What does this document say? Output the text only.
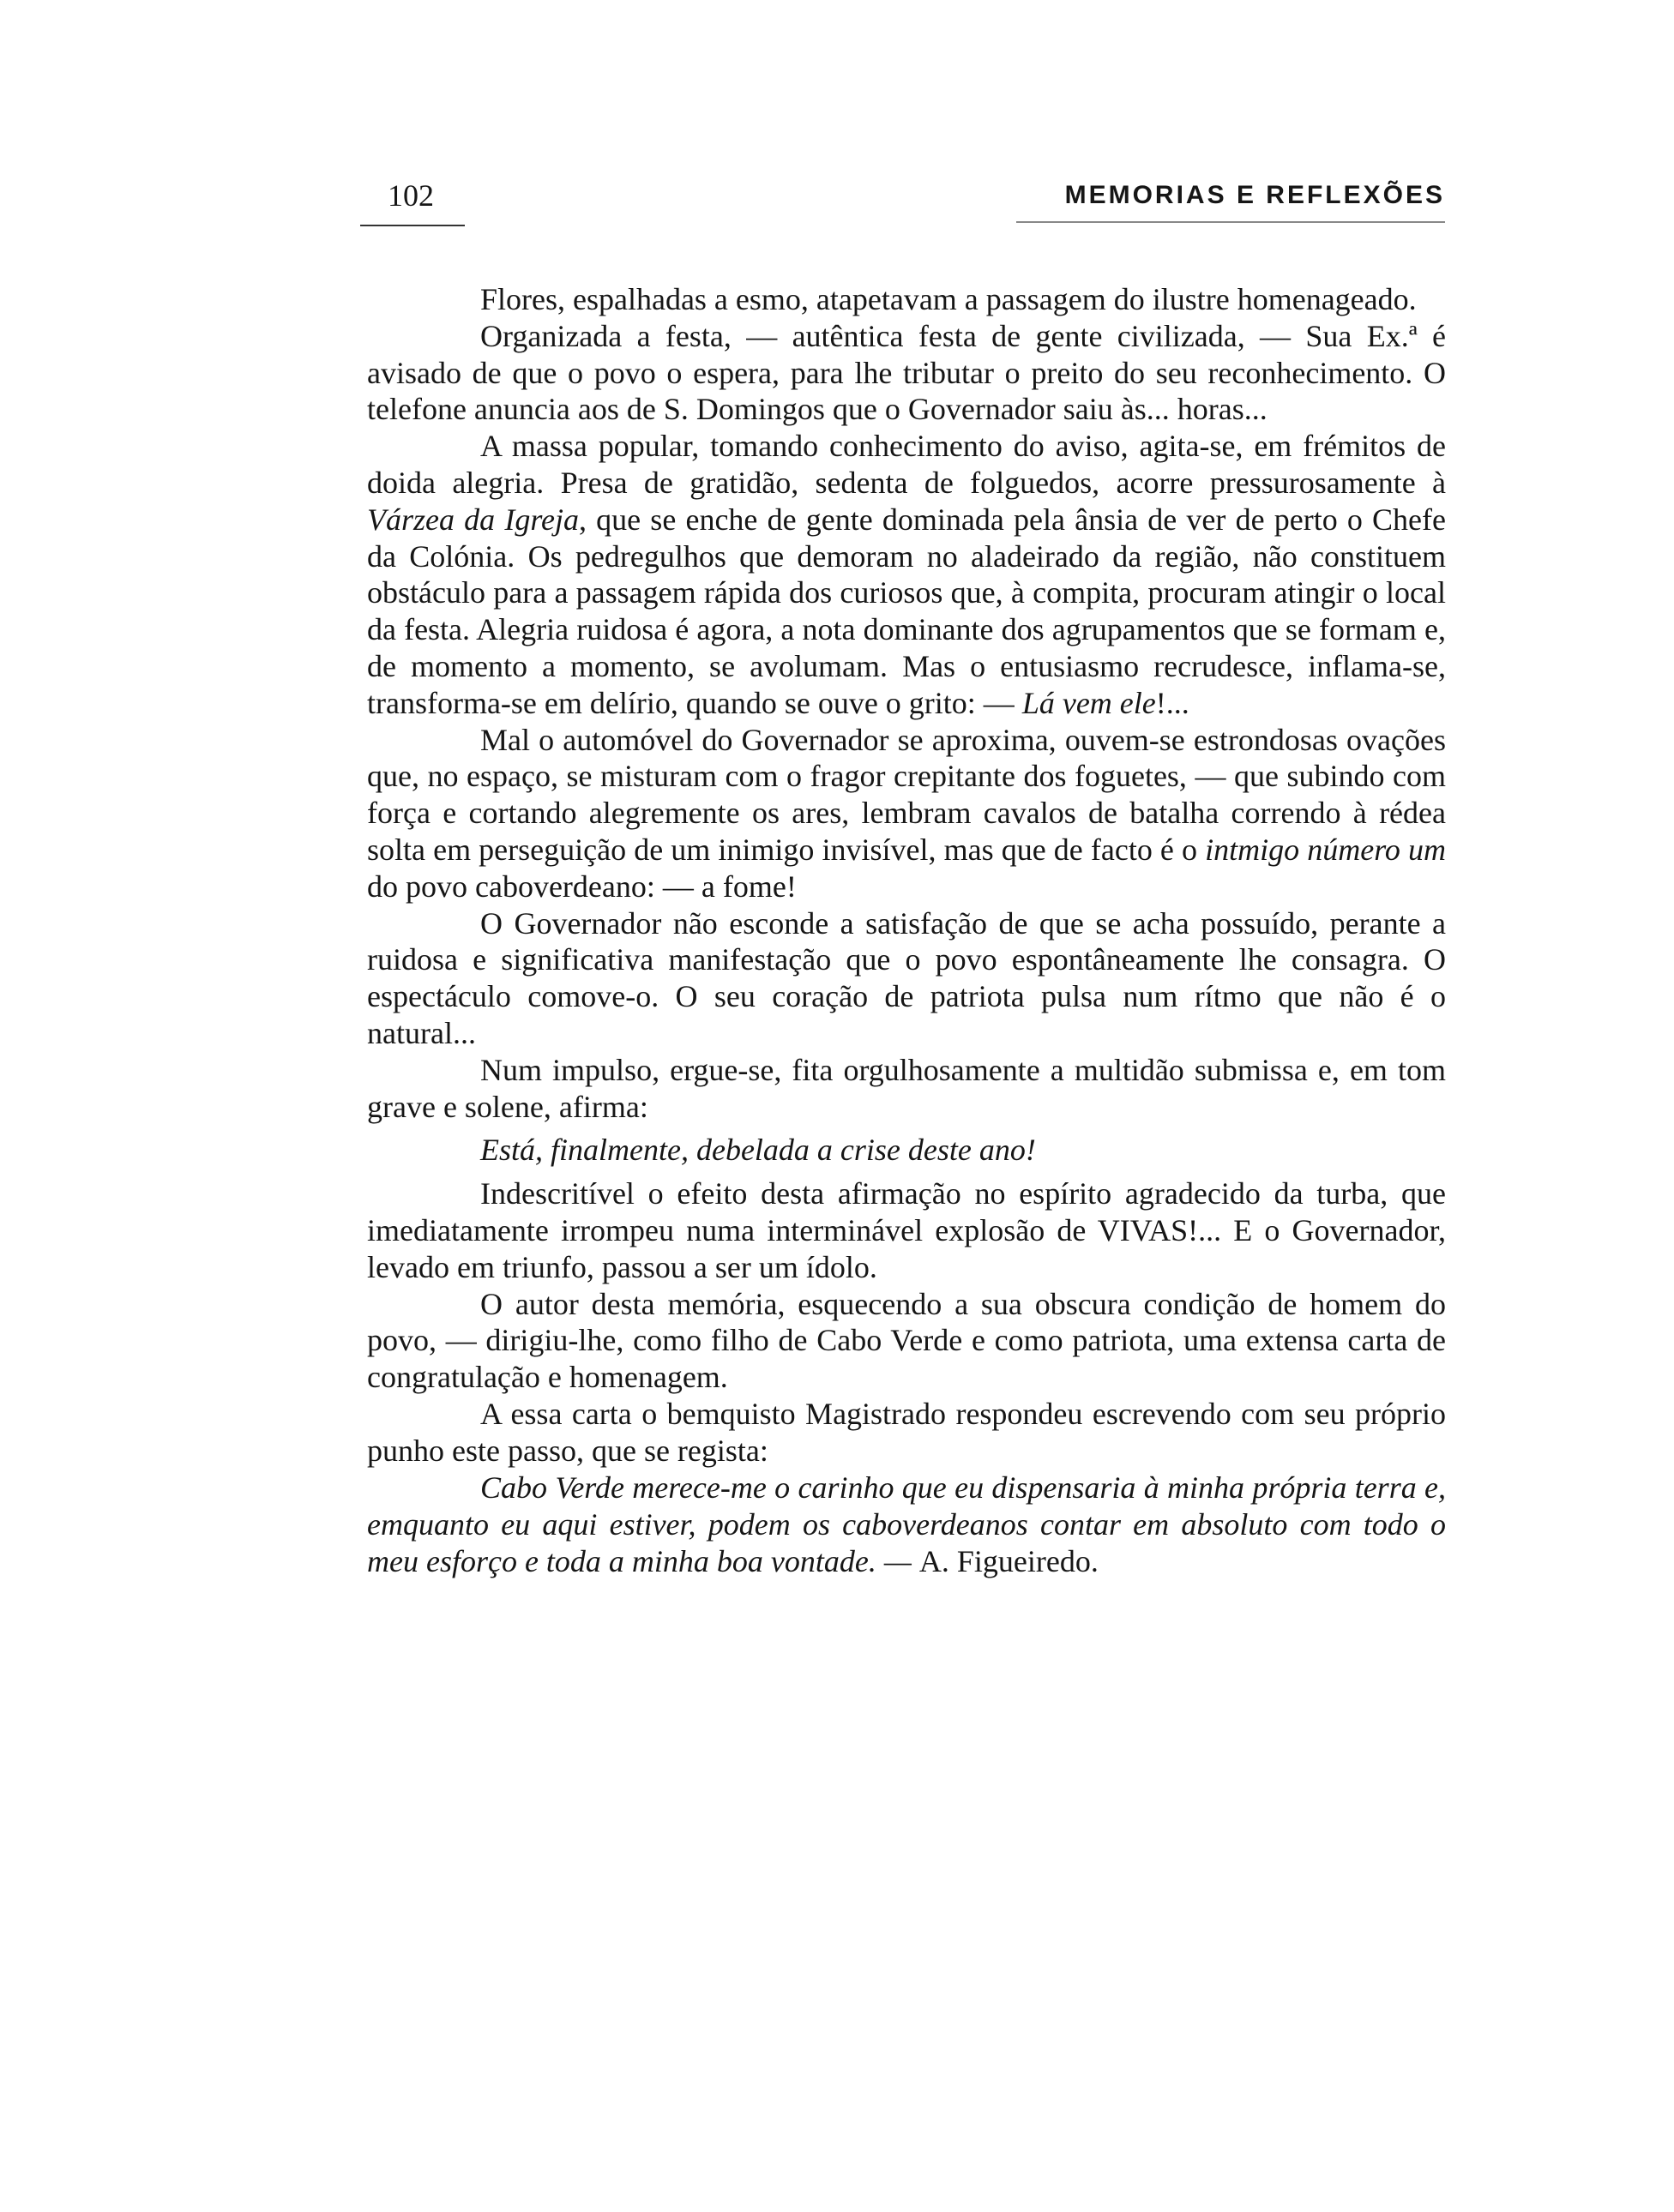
102	MEMORIAS E REFLEXÕES

Flores, espalhadas a esmo, atapetavam a passagem do ilustre homenageado.

Organizada a festa, — autêntica festa de gente civilizada, — Sua Ex.ª é avisado de que o povo o espera, para lhe tributar o preito do seu reconhecimento. O telefone anuncia aos de S. Domingos que o Governador saiu às... horas...

A massa popular, tomando conhecimento do aviso, agita-se, em frémitos de doida alegria. Presa de gratidão, sedenta de folguedos, acorre pressurosamente à Várzea da Igreja, que se enche de gente dominada pela ânsia de ver de perto o Chefe da Colónia. Os pedregulhos que demoram no aladeirado da região, não constituem obstáculo para a passagem rápida dos curiosos que, à compita, procuram atingir o local da festa. Alegria ruidosa é agora, a nota dominante dos agrupamentos que se formam e, de momento a momento, se avolumam. Mas o entusiasmo recrudesce, inflama-se, transforma-se em delírio, quando se ouve o grito: — Lá vem ele!...

Mal o automóvel do Governador se aproxima, ouvem-se estrondosas ovações que, no espaço, se misturam com o fragor crepitante dos foguetes, — que subindo com força e cortando alegremente os ares, lembram cavalos de batalha correndo à rédea solta em perseguição de um inimigo invisível, mas que de facto é o intmigo número um do povo caboverdeano: — a fome!

O Governador não esconde a satisfação de que se acha possuído, perante a ruidosa e significativa manifestação que o povo espontâneamente lhe consagra. O espectáculo comove-o. O seu coração de patriota pulsa num rítmo que não é o natural...

Num impulso, ergue-se, fita orgulhosamente a multidão submissa e, em tom grave e solene, afirma:

Está, finalmente, debelada a crise deste ano!

Indescritível o efeito desta afirmação no espírito agradecido da turba, que imediatamente irrompeu numa interminável explosão de VIVAS!... E o Governador, levado em triunfo, passou a ser um ídolo.

O autor desta memória, esquecendo a sua obscura condição de homem do povo, — dirigiu-lhe, como filho de Cabo Verde e como patriota, uma extensa carta de congratulação e homenagem.

A essa carta o bemquisto Magistrado respondeu escrevendo com seu próprio punho este passo, que se regista:

Cabo Verde merece-me o carinho que eu dispensaria à minha própria terra e, emquanto eu aqui estiver, podem os caboverdeanos contar em absoluto com todo o meu esforço e toda a minha boa vontade. — A. Figueiredo.
